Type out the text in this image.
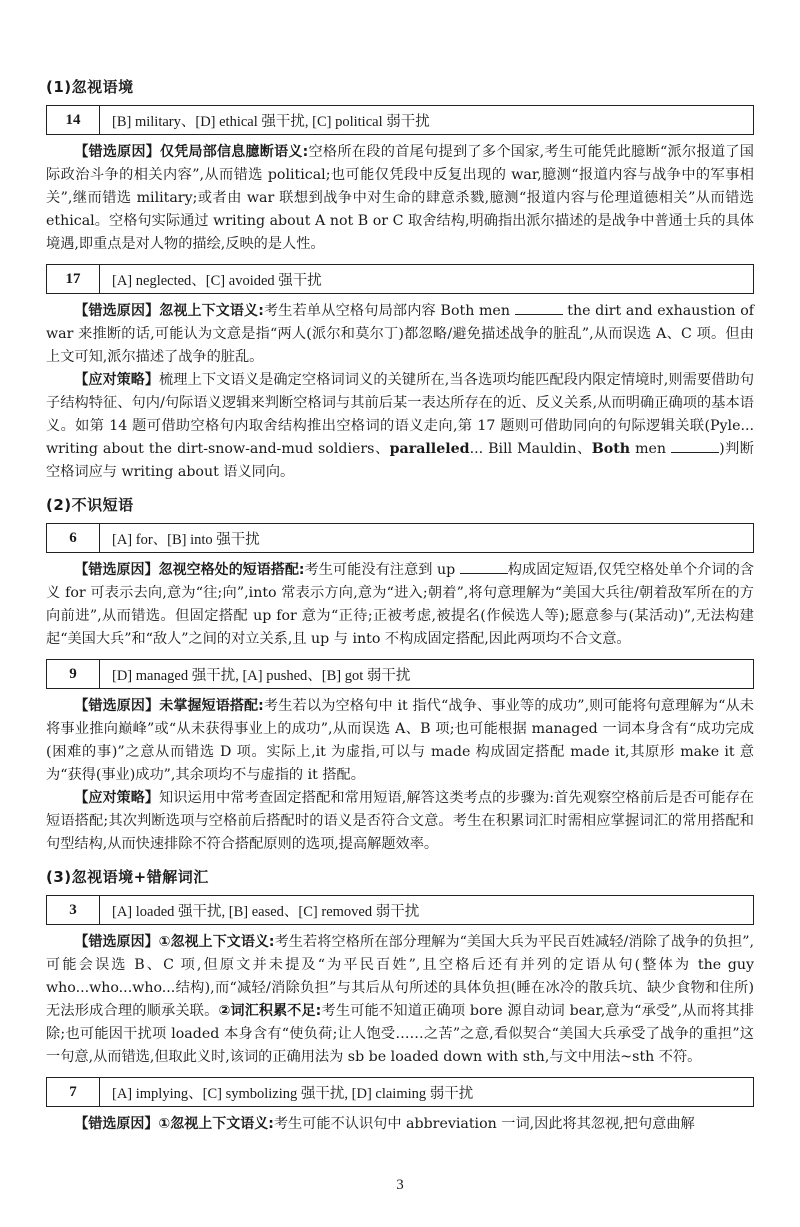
(1)忽视语境
14	[B] military、[D] ethical 强干扰, [C] political 弱干扰

【错选原因】仅凭局部信息臆断语义:空格所在段的首尾句提到了多个国家,考生可能凭此臆断“派尔报道了国际政治斗争的相关内容”,从而错选 political;也可能仅凭段中反复出现的 war,臆测“报道内容与战争中的军事相关”,继而错选 military;或者由 war 联想到战争中对生命的肆意杀戮,臆测“报道内容与伦理道德相关”从而错选 ethical。空格句实际通过 writing about A not B or C 取舍结构,明确指出派尔描述的是战争中普通士兵的具体境遇,即重点是对人物的描绘,反映的是人性。

17	[A] neglected、[C] avoided 强干扰

【错选原因】忽视上下文语义:考生若单从空格句局部内容 Both men	the dirt and exhaustion of war 来推断的话,可能认为文意是指“两人(派尔和莫尔丁)都忽略/避免描述战争的脏乱”,从而误选 A、C 项。但由上文可知,派尔描述了战争的脏乱。

【应对策略】梳理上下文语义是确定空格词词义的关键所在,当各选项均能匹配段内限定情境时,则需要借助句子结构特征、句内/句际语义逻辑来判断空格词与其前后某一表达所存在的近、反义关系,从而明确正确项的基本语义。如第 14 题可借助空格句内取舍结构推出空格词的语义走向,第 17 题则可借助同向的句际逻辑关联(Pyle... writing about the dirt-snow-and-mud soldiers、paralleled... Bill Mauldin、Both men	)判断空格词应与 writing about 语义同向。

(2)不识短语
6	[A] for、[B] into 强干扰

【错选原因】忽视空格处的短语搭配:考生可能没有注意到 up	构成固定短语,仅凭空格处单个介词的含义 for 可表示去向,意为“往;向”,into 常表示方向,意为“进入;朝着”,将句意理解为“美国大兵往/朝着敌军所在的方向前进”,从而错选。但固定搭配 up for 意为“正待;正被考虑,被提名(作候选人等);愿意参与(某活动)”,无法构建起“美国大兵”和“敌人”之间的对立关系,且 up 与 into 不构成固定搭配,因此两项均不合文意。

9	[D] managed 强干扰, [A] pushed、[B] got 弱干扰

【错选原因】未掌握短语搭配:考生若以为空格句中 it 指代“战争、事业等的成功”,则可能将句意理解为“从未将事业推向巅峰”或“从未获得事业上的成功”,从而误选 A、B 项;也可能根据 managed 一词本身含有“成功完成(困难的事)”之意从而错选 D 项。实际上,it 为虚指,可以与 made 构成固定搭配 made it,其原形 make it 意为“获得(事业)成功”,其余项均不与虚指的 it 搭配。

【应对策略】知识运用中常考查固定搭配和常用短语,解答这类考点的步骤为:首先观察空格前后是否可能存在短语搭配;其次判断选项与空格前后搭配时的语义是否符合文意。考生在积累词汇时需相应掌握词汇的常用搭配和句型结构,从而快速排除不符合搭配原则的选项,提高解题效率。

(3)忽视语境+错解词汇
3	[A] loaded 强干扰, [B] eased、[C] removed 弱干扰

【错选原因】①忽视上下文语义:考生若将空格所在部分理解为“美国大兵为平民百姓减轻/消除了战争的负担”,可能会误选 B、C 项,但原文并未提及“为平民百姓”,且空格后还有并列的定语从句(整体为 the guy who...who...who...结构),而“减轻/消除负担”与其后从句所述的具体负担(睡在冰冷的散兵坑、缺少食物和住所)无法形成合理的顺承关联。②词汇积累不足:考生可能不知道正确项 bore 源自动词 bear,意为“承受”,从而将其排除;也可能因干扰项 loaded 本身含有“使负荷;让人饱受……之苦”之意,看似契合“美国大兵承受了战争的重担”这一句意,从而错选,但取此义时,该词的正确用法为 sb be loaded down with sth,与文中用法~sth 不符。

7	[A] implying、[C] symbolizing 强干扰, [D] claiming 弱干扰

【错选原因】①忽视上下文语义:考生可能不认识句中 abbreviation 一词,因此将其忽视,把句意曲解

3
